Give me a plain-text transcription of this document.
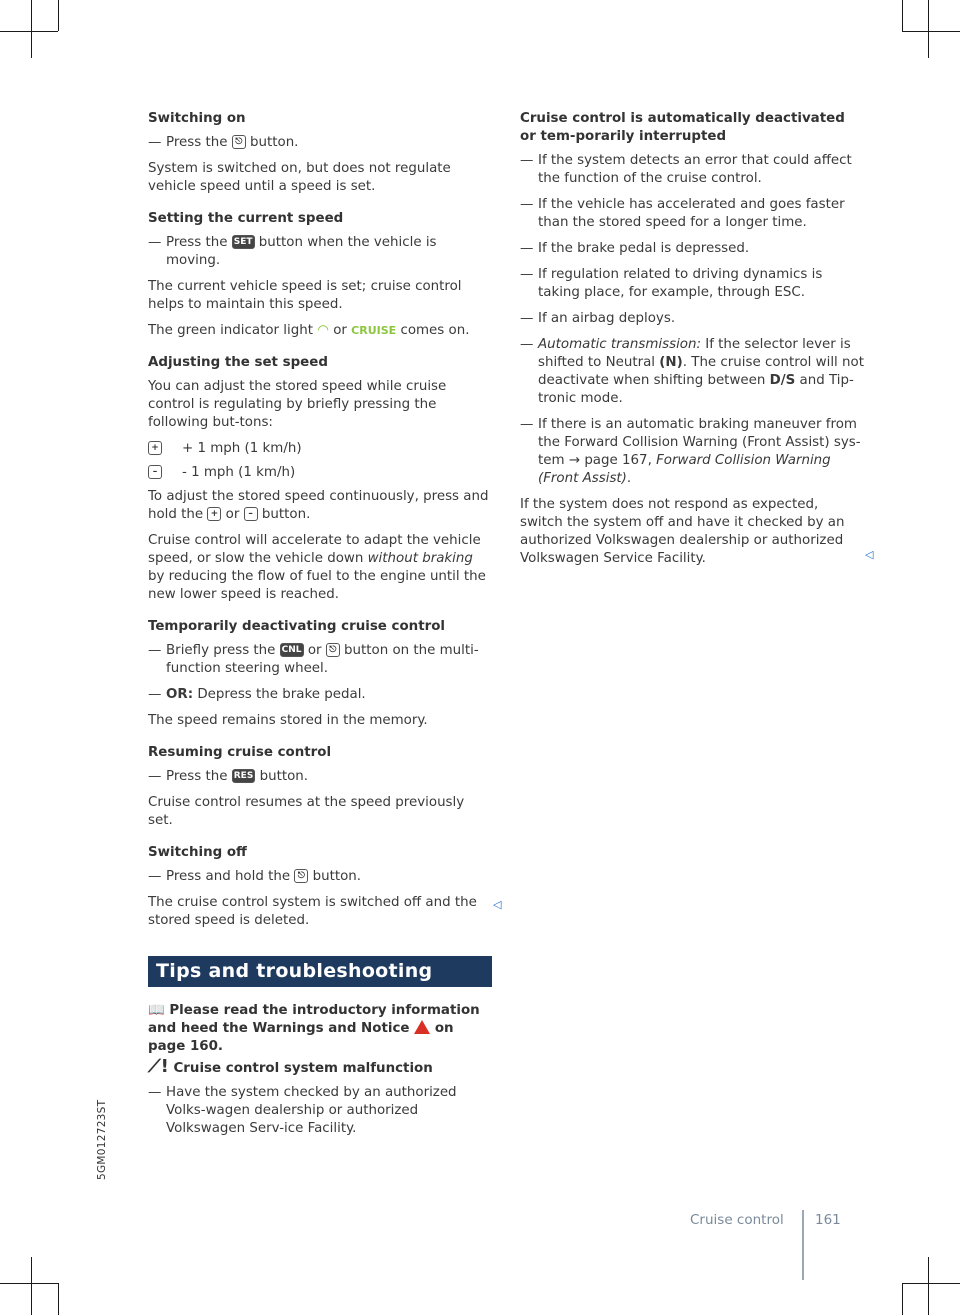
Switching on
— Press the ⎋ button.
System is switched on, but does not regulate vehicle speed until a speed is set.
Setting the current speed
— Press the SET button when the vehicle is moving.
The current vehicle speed is set; cruise control helps to maintain this speed.
The green indicator light ◠ or CRUISE comes on.
Adjusting the set speed
You can adjust the stored speed while cruise control is regulating by briefly pressing the following but-tons:
+	+ 1 mph (1 km/h)
–	- 1 mph (1 km/h)
To adjust the stored speed continuously, press and hold the + or – button.
Cruise control will accelerate to adapt the vehicle speed, or slow the vehicle down without braking by reducing the flow of fuel to the engine until the new lower speed is reached.
Temporarily deactivating cruise control
— Briefly press the CNL or ⎋ button on the multi-function steering wheel.
— OR: Depress the brake pedal.
The speed remains stored in the memory.
Resuming cruise control
— Press the RES button.
Cruise control resumes at the speed previously set.
Switching off
— Press and hold the ⎋ button.
The cruise control system is switched off and the stored speed is deleted.
◁
Cruise control is automatically deactivated or tem-porarily interrupted
— If the system detects an error that could affect the function of the cruise control.
— If the vehicle has accelerated and goes faster than the stored speed for a longer time.
— If the brake pedal is depressed.
— If regulation related to driving dynamics is taking place, for example, through ESC.
— If an airbag deploys.
— Automatic transmission: If the selector lever is shifted to Neutral (N). The cruise control will not deactivate when shifting between D/S and Tip-tronic mode.
— If there is an automatic braking maneuver from the Forward Collision Warning (Front Assist) sys-tem → page 167, Forward Collision Warning (Front Assist).
If the system does not respond as expected, switch the system off and have it checked by an authorized Volkswagen dealership or authorized Volkswagen Service Facility.	◁
Tips and troubleshooting
📖 Please read the introductory information and heed the Warnings and Notice on page 160.
⟋! Cruise control system malfunction
— Have the system checked by an authorized Volks-wagen dealership or authorized Volkswagen Serv-ice Facility.
5GM012723ST
Cruise control 161
